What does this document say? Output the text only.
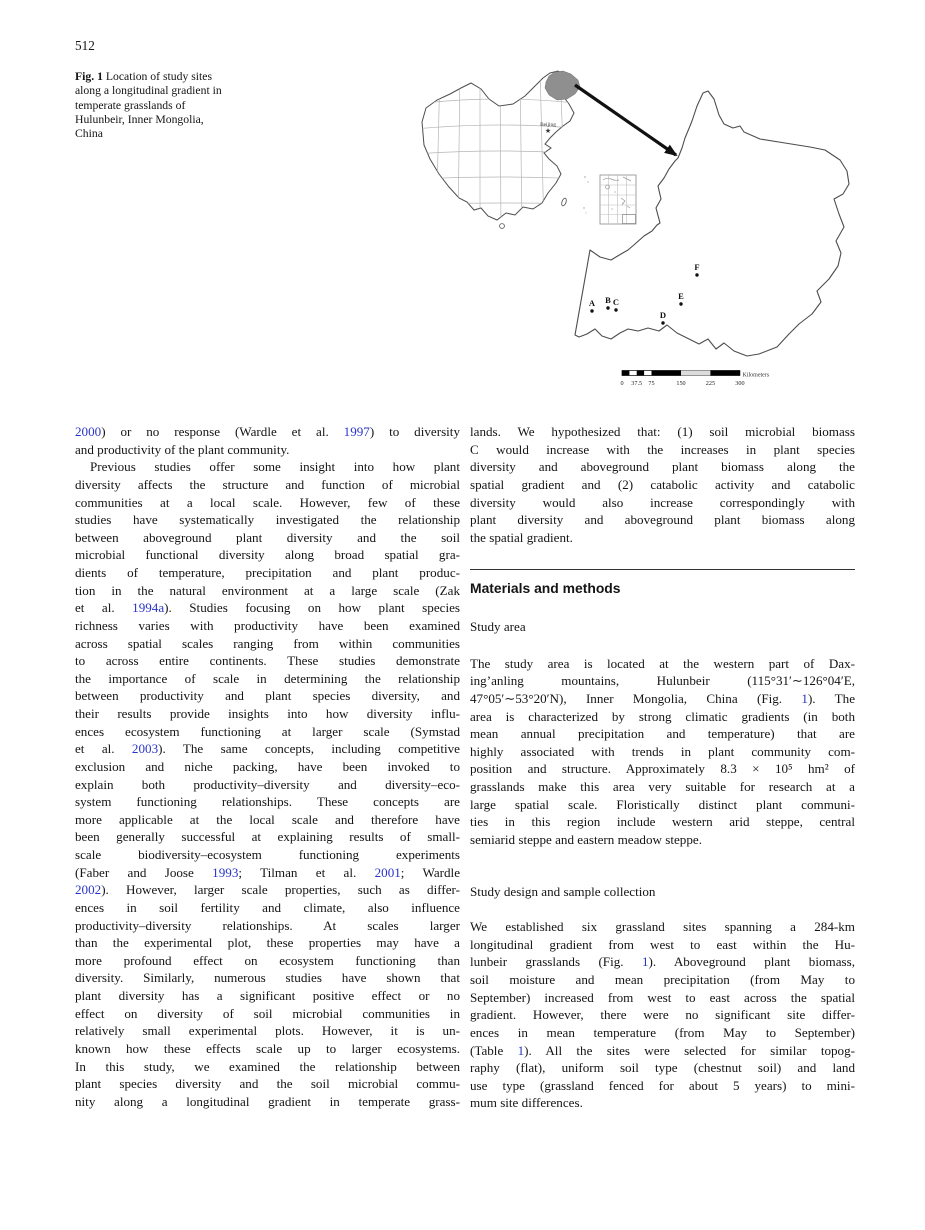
512
Fig. 1 Location of study sites
along a longitudinal gradient in
temperate grasslands of
Hulunbeir, Inner Mongolia,
China	★
Beijing
A B C
D
E
F
0 37.5 75	150	225	300
Kilometers
2000) or no response (Wardle et al. 1997) to diversity
and productivity of the plant community.
Previous studies offer some insight into how plant
diversity affects the structure and function of microbial
communities at a local scale. However, few of these
studies have systematically investigated the relationship
between aboveground plant diversity and the soil
microbial functional diversity along broad spatial gra-
dients of temperature, precipitation and plant produc-
tion in the natural environment at a large scale (Zak
et al. 1994a). Studies focusing on how plant species
richness varies with productivity have been examined
across spatial scales ranging from within communities
to across entire continents. These studies demonstrate
the importance of scale in determining the relationship
between productivity and plant species diversity, and
their results provide insights into how diversity influ-
ences ecosystem functioning at larger scale (Symstad
et al. 2003). The same concepts, including competitive
exclusion and niche packing, have been invoked to
explain both productivity–diversity and diversity–eco-
system functioning relationships. These concepts are
more applicable at the local scale and therefore have
been generally successful at explaining results of small-
scale biodiversity–ecosystem functioning experiments
(Faber and Joose 1993; Tilman et al. 2001; Wardle
2002). However, larger scale properties, such as differ-
ences in soil fertility and climate, also influence
productivity–diversity relationships. At scales larger
than the experimental plot, these properties may have a
more profound effect on ecosystem functioning than
diversity. Similarly, numerous studies have shown that
plant diversity has a significant positive effect or no
effect on diversity of soil microbial communities in
relatively small experimental plots. However, it is un-
known how these effects scale up to larger ecosystems.
In this study, we examined the relationship between
plant species diversity and the soil microbial commu-
nity along a longitudinal gradient in temperate grass-
lands. We hypothesized that: (1) soil microbial biomass
C would increase with the increases in plant species
diversity and aboveground plant biomass along the
spatial gradient and (2) catabolic activity and catabolic
diversity would also increase correspondingly with
plant diversity and aboveground plant biomass along
the spatial gradient.
Materials and methods
Study area
The study area is located at the western part of Dax-
ing’anling mountains, Hulunbeir (115°31′∼126°04′E,
47°05′∼53°20′N), Inner Mongolia, China (Fig. 1). The
area is characterized by strong climatic gradients (in both
mean annual precipitation and temperature) that are
highly associated with trends in plant community com-
position and structure. Approximately 8.3 × 10⁵ hm² of
grasslands make this area very suitable for research at a
large spatial scale. Floristically distinct plant communi-
ties in this region include western arid steppe, central
semiarid steppe and eastern meadow steppe.
Study design and sample collection
We established six grassland sites spanning a 284-km
longitudinal gradient from west to east within the Hu-
lunbeir grasslands (Fig. 1). Aboveground plant biomass,
soil moisture and mean precipitation (from May to
September) increased from west to east across the spatial
gradient. However, there were no significant site differ-
ences in mean temperature (from May to September)
(Table 1). All the sites were selected for similar topog-
raphy (flat), uniform soil type (chestnut soil) and land
use type (grassland fenced for about 5 years) to mini-
mum site differences.
